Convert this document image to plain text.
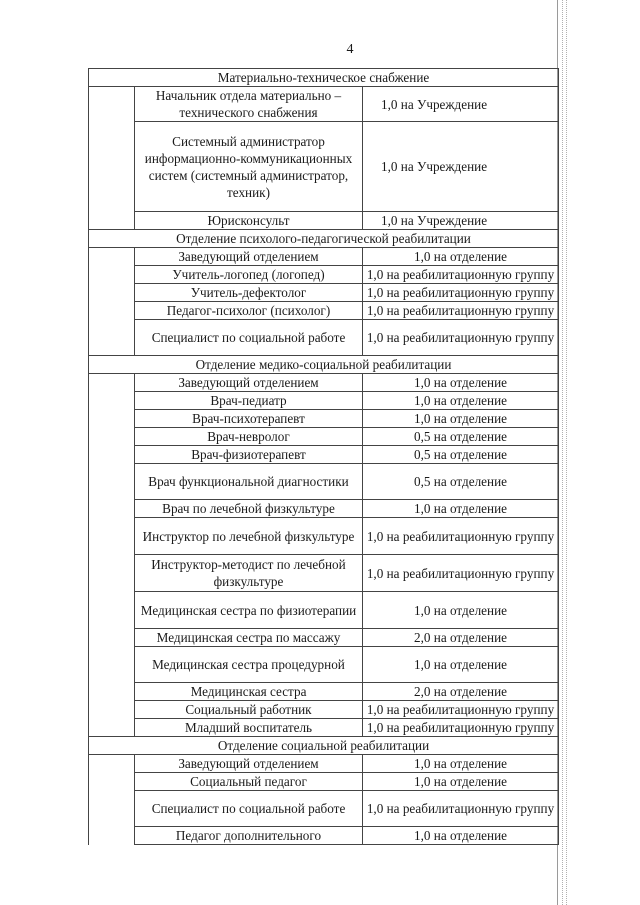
4
Материально-техническое снабжение		
	Начальник отдела материально – технического снабжения	1,0 на Учреждение
	Системный администратор информационно-коммуникационных систем (системный администратор, техник)	1,0 на Учреждение
	Юрисконсульт	1,0 на Учреждение
Отделение психолого-педагогической реабилитации		
	Заведующий отделением	1,0 на отделение
	Учитель-логопед (логопед)	1,0 на реабилитационную группу
	Учитель-дефектолог	1,0 на реабилитационную группу
	Педагог-психолог (психолог)	1,0 на реабилитационную группу
	Специалист по социальной работе	1,0 на реабилитационную группу
Отделение медико-социальной реабилитации		
	Заведующий отделением	1,0 на отделение
	Врач-педиатр	1,0 на отделение
	Врач-психотерапевт	1,0 на отделение
	Врач-невролог	0,5 на отделение
	Врач-физиотерапевт	0,5 на отделение
	Врач функциональной диагностики	0,5 на отделение
	Врач по лечебной физкультуре	1,0 на отделение
	Инструктор по лечебной физкультуре	1,0 на реабилитационную группу
	Инструктор-методист по лечебной физкультуре	1,0 на реабилитационную группу
	Медицинская сестра по физиотерапии	1,0 на отделение
	Медицинская сестра по массажу	2,0 на отделение
	Медицинская сестра процедурной	1,0 на отделение
	Медицинская сестра	2,0 на отделение
	Социальный работник	1,0 на реабилитационную группу
	Младший воспитатель	1,0 на реабилитационную группу
Отделение социальной реабилитации		
	Заведующий отделением	1,0 на отделение
	Социальный педагог	1,0 на отделение
	Специалист по социальной работе	1,0 на реабилитационную группу
	Педагог дополнительного	1,0 на отделение
